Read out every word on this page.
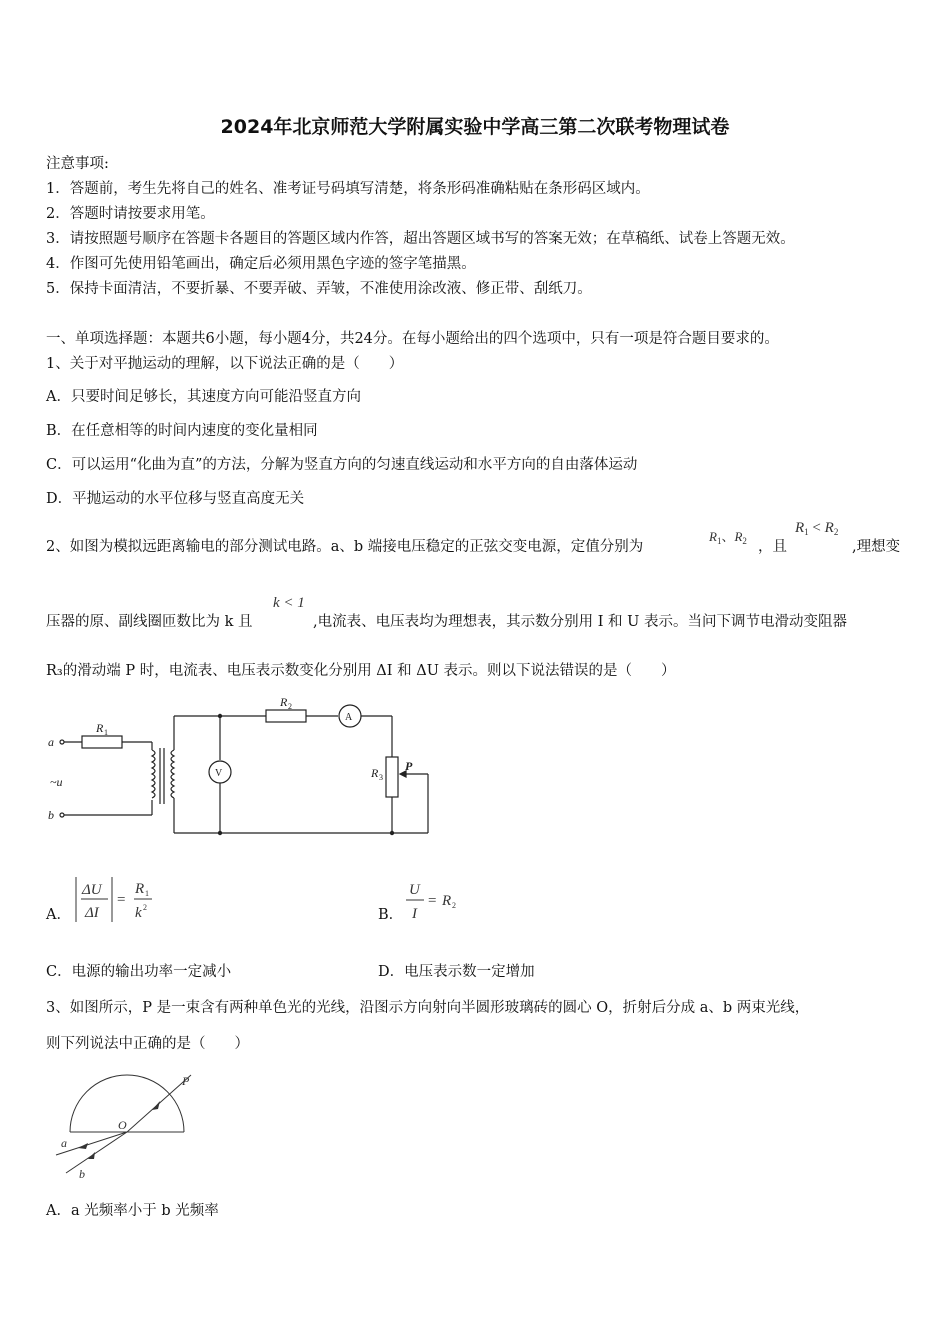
2024年北京师范大学附属实验中学高三第二次联考物理试卷
注意事项:
1．答题前，考生先将自己的姓名、准考证号码填写清楚，将条形码准确粘贴在条形码区域内。
2．答题时请按要求用笔。
3．请按照题号顺序在答题卡各题目的答题区域内作答，超出答题区域书写的答案无效；在草稿纸、试卷上答题无效。
4．作图可先使用铅笔画出，确定后必须用黑色字迹的签字笔描黑。
5．保持卡面清洁，不要折暴、不要弄破、弄皱，不准使用涂改液、修正带、刮纸刀。
一、单项选择题：本题共6小题，每小题4分，共24分。在每小题给出的四个选项中，只有一项是符合题目要求的。
1、关于对平抛运动的理解，以下说法正确的是（　　）
A．只要时间足够长，其速度方向可能沿竖直方向
B．在任意相等的时间内速度的变化量相同
C．可以运用“化曲为直”的方法，分解为竖直方向的匀速直线运动和水平方向的自由落体运动
D．平抛运动的水平位移与竖直高度无关
2、如图为模拟远距离输电的部分测试电路。a、b 端接电压稳定的正弦交变电源，定值分别为
$R_1$、$R_2$ ，且
$R_1 < R_2$
,理想变
压器的原、副线圈匝数比为 k 且
k < 1
,电流表、电压表均为理想表，其示数分别用 I 和 U 表示。当问下调节电滑动变阻器
R₃的滑动端 P 时，电流表、电压表示数变化分别用 ΔI 和 ΔU 表示。则以下说法错误的是（　　）
a
b
~u
R 1
R 2
R 3
P
A
V
A．
ΔU
ΔI
=
R 1
k 2	B．
U
I
= R 2
C．电源的输出功率一定减小	D．电压表示数一定增加
3、如图所示，P 是一束含有两种单色光的光线，沿图示方向射向半圆形玻璃砖的圆心 O，折射后分成 a、b 两束光线，
则下列说法中正确的是（　　）
P
O
a
b
A．a 光频率小于 b 光频率
